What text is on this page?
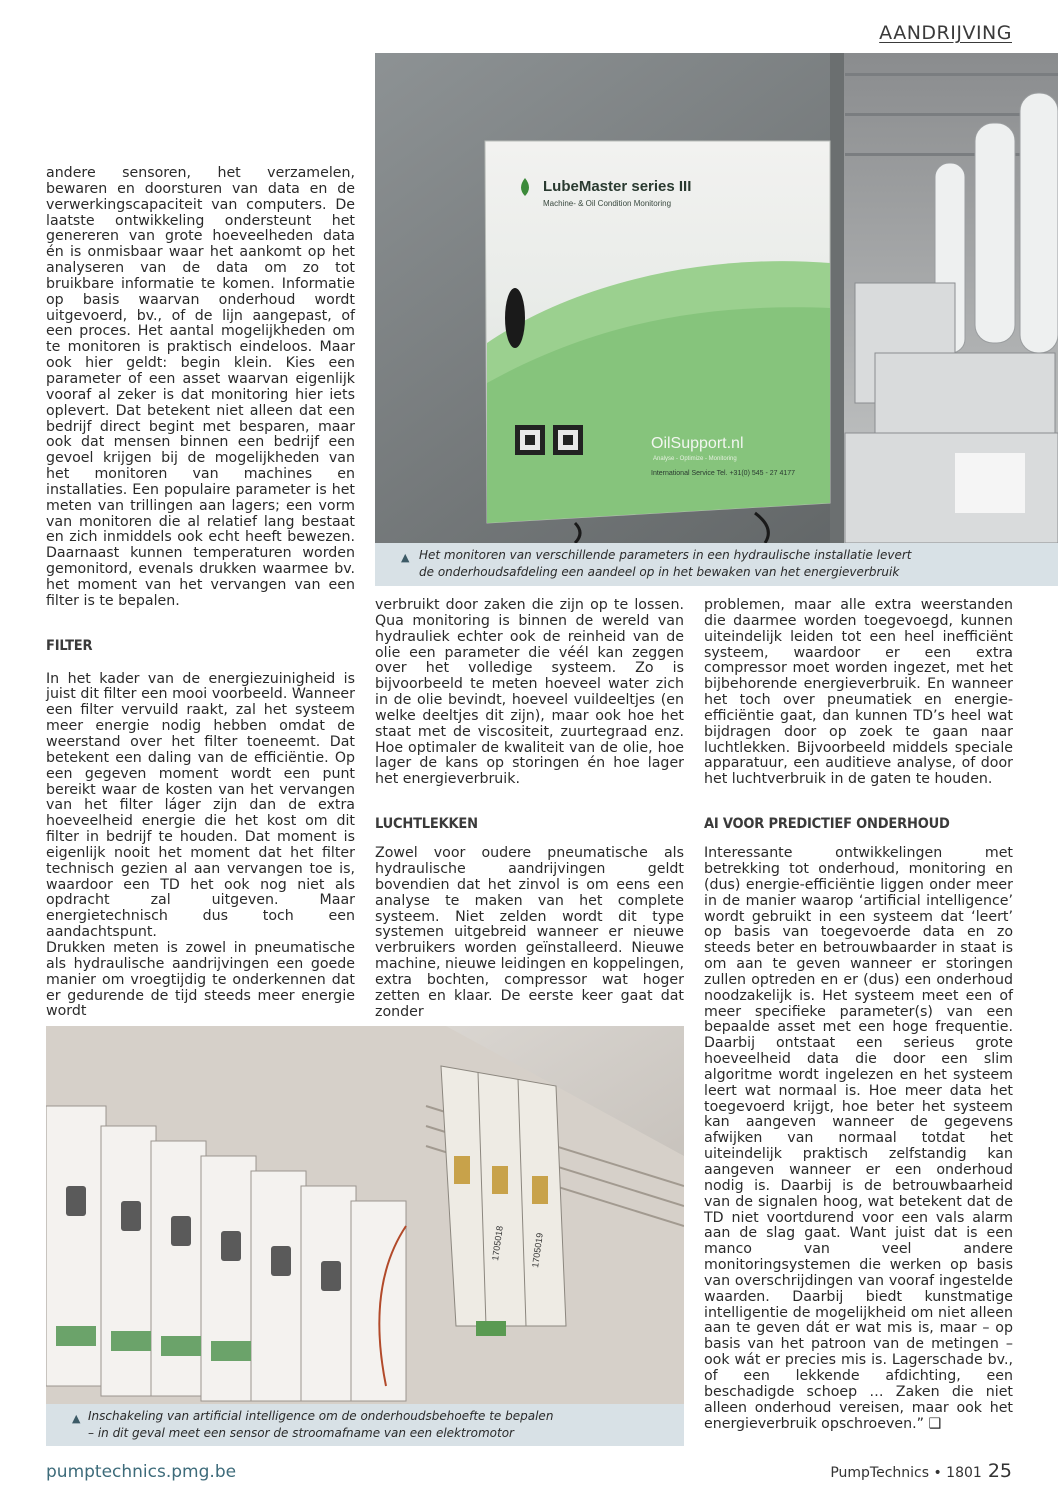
AANDRIJVING
LubeMaster series III
Machine- & Oil Condition Monitoring
OilSupport.nl
Analyse - Optimize - Monitoring
International Service Tel. +31(0) 545 - 27 4177
▲ Het monitoren van verschillende parameters in een hydraulische installatie levert
de onderhoudsafdeling een aandeel op in het bewaken van het energieverbruik

andere sensoren, het verzamelen, bewaren en doorsturen van data en de verwerkingscapaciteit van computers. De laatste ontwikkeling ondersteunt het genereren van grote hoeveelheden data én is onmisbaar waar het aankomt op het analyseren van de data om zo tot bruikbare informatie te komen. Informatie op basis waarvan onderhoud wordt uitgevoerd, bv., of de lijn aangepast, of een proces. Het aantal mogelijkheden om te monitoren is praktisch eindeloos. Maar ook hier geldt: begin klein. Kies een parameter of een asset waarvan eigenlijk vooraf al zeker is dat monitoring hier iets oplevert. Dat betekent niet alleen dat een bedrijf direct begint met besparen, maar ook dat mensen binnen een bedrijf een gevoel krijgen bij de mogelijkheden van het monitoren van machines en installaties. Een populaire parameter is het meten van trillingen aan lagers; een vorm van monitoren die al relatief lang bestaat en zich inmiddels ook echt heeft bewezen. Daarnaast kunnen temperaturen worden gemonitord, evenals drukken waarmee bv. het moment van het vervangen van een filter is te bepalen.

FILTER

In het kader van de energiezuinigheid is juist dit filter een mooi voorbeeld. Wanneer een filter vervuild raakt, zal het systeem meer energie nodig hebben omdat de weerstand over het filter toeneemt. Dat betekent een daling van de efficiëntie. Op een gegeven moment wordt een punt bereikt waar de kosten van het vervangen van het filter láger zijn dan de extra hoeveelheid energie die het kost om dit filter in bedrijf te houden. Dat moment is eigenlijk nooit het moment dat het filter technisch gezien al aan vervangen toe is, waardoor een TD het ook nog niet als opdracht zal uitgeven. Maar energietechnisch dus toch een aandachtspunt.

Drukken meten is zowel in pneumatische als hydraulische aandrijvingen een goede manier om vroegtijdig te onderkennen dat er gedurende de tijd steeds meer energie wordt

verbruikt door zaken die zijn op te lossen. Qua monitoring is binnen de wereld van hydrauliek echter ook de reinheid van de olie een parameter die véél kan zeggen over het volledige systeem. Zo is bijvoorbeeld te meten hoeveel water zich in de olie bevindt, hoeveel vuildeeltjes (en welke deeltjes dit zijn), maar ook hoe het staat met de viscositeit, zuurtegraad enz. Hoe optimaler de kwaliteit van de olie, hoe lager de kans op storingen én hoe lager het energieverbruik.

LUCHTLEKKEN

Zowel voor oudere pneumatische als hydraulische aandrijvingen geldt bovendien dat het zinvol is om eens een analyse te maken van het complete systeem. Niet zelden wordt dit type systemen uitgebreid wanneer er nieuwe verbruikers worden geïnstalleerd. Nieuwe machine, nieuwe leidingen en koppelingen, extra bochten, compressor wat hoger zetten en klaar. De eerste keer gaat dat zonder

problemen, maar alle extra weerstanden die daarmee worden toegevoegd, kunnen uiteindelijk leiden tot een heel inefficiënt systeem, waardoor er een extra compressor moet worden ingezet, met het bijbehorende energieverbruik. En wanneer het toch over pneumatiek en energie-efficiëntie gaat, dan kunnen TD’s heel wat bijdragen door op zoek te gaan naar luchtlekken. Bijvoorbeeld middels speciale apparatuur, een auditieve analyse, of door het luchtverbruik in de gaten te houden.

AI VOOR PREDICTIEF ONDERHOUD

Interessante ontwikkelingen met betrekking tot onderhoud, monitoring en (dus) energie-efficiëntie liggen onder meer in de manier waarop ‘artificial intelligence’ wordt gebruikt in een systeem dat ‘leert’ op basis van toegevoerde data en zo steeds beter en betrouwbaarder in staat is om aan te geven wanneer er storingen zullen optreden en er (dus) een onderhoud noodzakelijk is. Het systeem meet een of meer specifieke parameter(s) van een bepaalde asset met een hoge frequentie. Daarbij ontstaat een serieus grote hoeveelheid data die door een slim algoritme wordt ingelezen en het systeem leert wat normaal is. Hoe meer data het toegevoerd krijgt, hoe beter het systeem kan aangeven wanneer de gegevens afwijken van normaal totdat het uiteindelijk praktisch zelfstandig kan aangeven wanneer er een onderhoud nodig is. Daarbij is de betrouwbaarheid van de signalen hoog, wat betekent dat de TD niet voortdurend voor een vals alarm aan de slag gaat. Want juist dat is een manco van veel andere monitoringsystemen die werken op basis van overschrijdingen van vooraf ingestelde waarden. Daarbij biedt kunstmatige intelligentie de mogelijkheid om niet alleen aan te geven dát er wat mis is, maar – op basis van het patroon van de metingen – ook wát er precies mis is. Lagerschade bv., of een lekkende afdichting, een beschadigde schoep … Zaken die niet alleen onderhoud vereisen, maar ook het energieverbruik opschroeven.” ❑

1705018	1705019
▲ Inschakeling van artificial intelligence om de onderhoudsbehoefte te bepalen
– in dit geval meet een sensor de stroomafname van een elektromotor
pumptechnics.pmg.be	PumpTechnics • 1801 25
